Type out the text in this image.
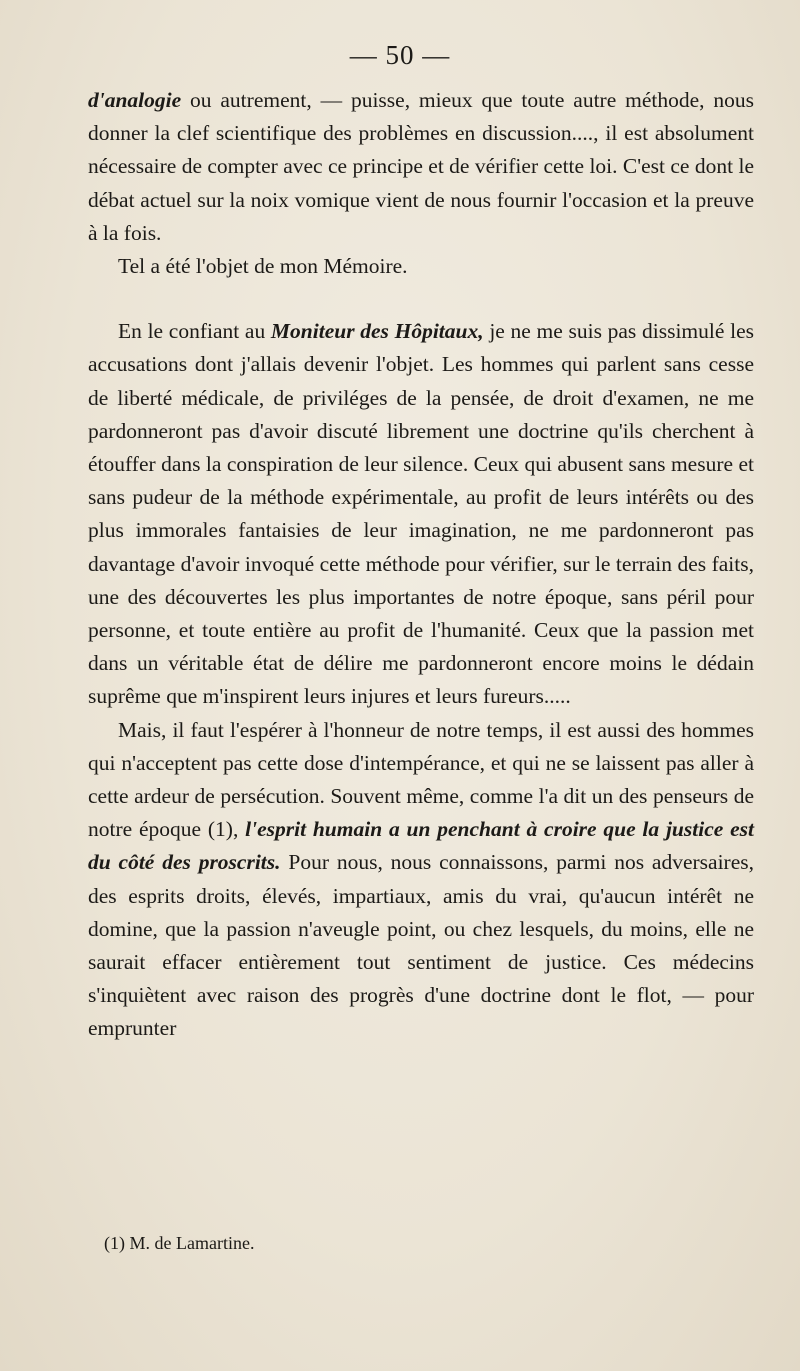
— 50 —

d'analogie ou autrement, — puisse, mieux que toute autre méthode, nous donner la clef scientifique des problèmes en discussion...., il est absolument nécessaire de compter avec ce principe et de vérifier cette loi. C'est ce dont le débat actuel sur la noix vomique vient de nous fournir l'occasion et la preuve à la fois.

Tel a été l'objet de mon Mémoire.

En le confiant au Moniteur des Hôpitaux, je ne me suis pas dissimulé les accusations dont j'allais devenir l'objet. Les hommes qui parlent sans cesse de liberté médicale, de priviléges de la pensée, de droit d'examen, ne me pardonneront pas d'avoir discuté librement une doctrine qu'ils cherchent à étouffer dans la conspiration de leur silence. Ceux qui abusent sans mesure et sans pudeur de la méthode expérimentale, au profit de leurs intérêts ou des plus immorales fantaisies de leur imagination, ne me pardonneront pas davantage d'avoir invoqué cette méthode pour vérifier, sur le terrain des faits, une des découvertes les plus importantes de notre époque, sans péril pour personne, et toute entière au profit de l'humanité. Ceux que la passion met dans un véritable état de délire me pardonneront encore moins le dédain suprême que m'inspirent leurs injures et leurs fureurs.....

Mais, il faut l'espérer à l'honneur de notre temps, il est aussi des hommes qui n'acceptent pas cette dose d'intempérance, et qui ne se laissent pas aller à cette ardeur de persécution. Souvent même, comme l'a dit un des penseurs de notre époque (1), l'esprit humain a un penchant à croire que la justice est du côté des proscrits. Pour nous, nous connaissons, parmi nos adversaires, des esprits droits, élevés, impartiaux, amis du vrai, qu'aucun intérêt ne domine, que la passion n'aveugle point, ou chez lesquels, du moins, elle ne saurait effacer entièrement tout sentiment de justice. Ces médecins s'inquiètent avec raison des progrès d'une doctrine dont le flot, — pour emprunter

(1) M. de Lamartine.
